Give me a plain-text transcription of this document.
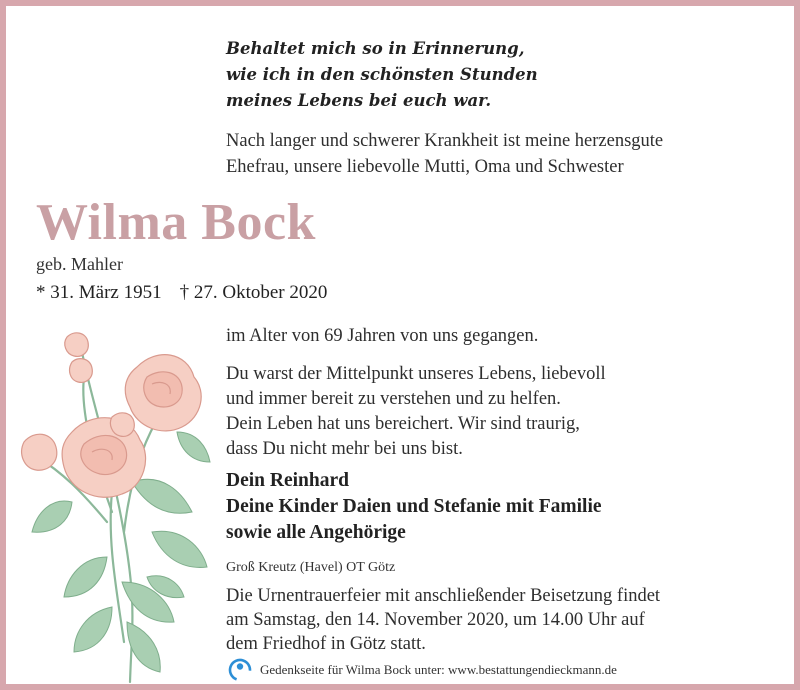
Behaltet mich so in Erinnerung,

wie ich in den schönsten Stunden

meines Lebens bei euch war.

Nach langer und schwerer Krankheit ist meine herzensgute

Ehefrau, unsere liebevolle Mutti, Oma und Schwester

Wilma Bock
geb. Mahler
* 31. März 1951 † 27. Oktober 2020
im Alter von 69 Jahren von uns gegangen.

Du warst der Mittelpunkt unseres Lebens, liebevoll

und immer bereit zu verstehen und zu helfen.

Dein Leben hat uns bereichert. Wir sind traurig,

dass Du nicht mehr bei uns bist.

Dein Reinhard

Deine Kinder Daien und Stefanie mit Familie

sowie alle Angehörige

Groß Kreutz (Havel) OT Götz

Die Urnentrauerfeier mit anschließender Beisetzung findet

am Samstag, den 14. November 2020, um 14.00 Uhr auf

dem Friedhof in Götz statt.

Gedenkseite für Wilma Bock unter: www.bestattungendieckmann.de
